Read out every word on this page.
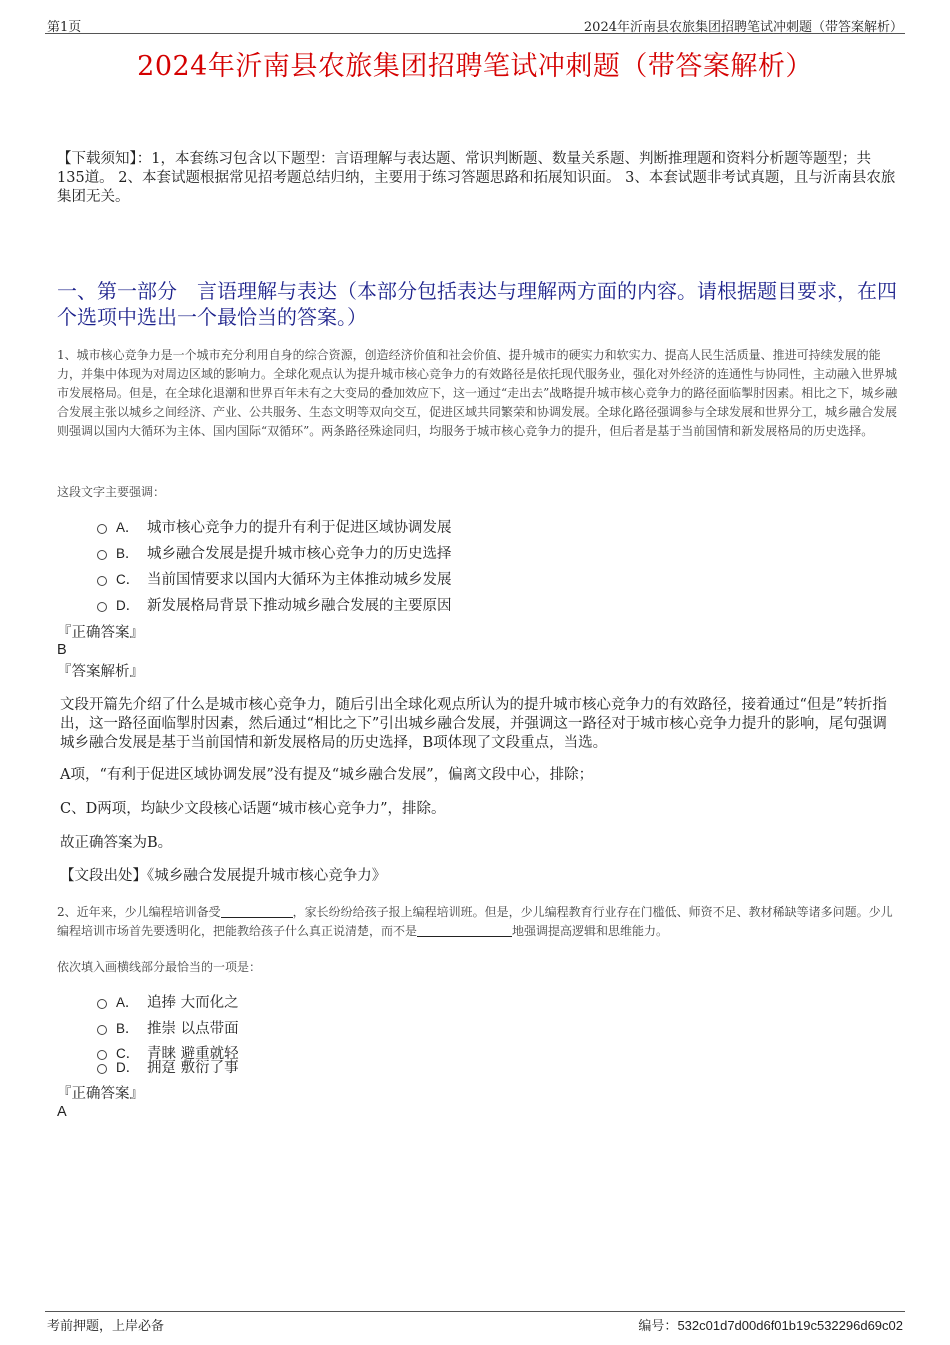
第1页	2024年沂南县农旅集团招聘笔试冲刺题（带答案解析）
2024年沂南县农旅集团招聘笔试冲刺题（带答案解析）
【下载须知】：1，本套练习包含以下题型：言语理解与表达题、常识判断题、数量关系题、判断推理题和资料分析题等题型；共135道。 2、本套试题根据常见招考题总结归纳，主要用于练习答题思路和拓展知识面。 3、本套试题非考试真题，且与沂南县农旅集团无关。
一、第一部分　言语理解与表达（本部分包括表达与理解两方面的内容。请根据题目要求，在四个选项中选出一个最恰当的答案。）
1、城市核心竞争力是一个城市充分利用自身的综合资源，创造经济价值和社会价值、提升城市的硬实力和软实力、提高人民生活质量、推进可持续发展的能力，并集中体现为对周边区域的影响力。全球化观点认为提升城市核心竞争力的有效路径是依托现代服务业，强化对外经济的连通性与协同性，主动融入世界城市发展格局。但是，在全球化退潮和世界百年未有之大变局的叠加效应下，这一通过“走出去”战略提升城市核心竞争力的路径面临掣肘因素。相比之下，城乡融合发展主张以城乡之间经济、产业、公共服务、生态文明等双向交互，促进区域共同繁荣和协调发展。全球化路径强调参与全球发展和世界分工，城乡融合发展则强调以国内大循环为主体、国内国际“双循环”。两条路径殊途同归，均服务于城市核心竞争力的提升，但后者是基于当前国情和新发展格局的历史选择。
这段文字主要强调：
A． 城市核心竞争力的提升有利于促进区域协调发展
B． 城乡融合发展是提升城市核心竞争力的历史选择
C． 当前国情要求以国内大循环为主体推动城乡发展
D． 新发展格局背景下推动城乡融合发展的主要原因
『正确答案』
B
『答案解析』
文段开篇先介绍了什么是城市核心竞争力，随后引出全球化观点所认为的提升城市核心竞争力的有效路径，接着通过“但是”转折指出，这一路径面临掣肘因素，然后通过“相比之下”引出城乡融合发展，并强调这一路径对于城市核心竞争力提升的影响，尾句强调城乡融合发展是基于当前国情和新发展格局的历史选择，B项体现了文段重点，当选。
A项，“有利于促进区域协调发展”没有提及“城乡融合发展”，偏离文段中心，排除；
C、D两项，均缺少文段核心话题“城市核心竞争力”，排除。
故正确答案为B。
【文段出处】《城乡融合发展提升城市核心竞争力》
2、近年来，少儿编程培训备受	，家长纷纷给孩子报上编程培训班。但是，少儿编程教育行业存在门槛低、师资不足、教材稀缺等诸多问题。少儿编程培训市场首先要透明化，把能教给孩子什么真正说清楚，而不是	地强调提高逻辑和思维能力。
依次填入画横线部分最恰当的一项是：
A． 追捧 大而化之
B． 推崇 以点带面
C． 青睐 避重就轻
D． 拥趸 敷衍了事
『正确答案』
A
考前押题，上岸必备	编号：532c01d7d00d6f01b19c532296d69c02
